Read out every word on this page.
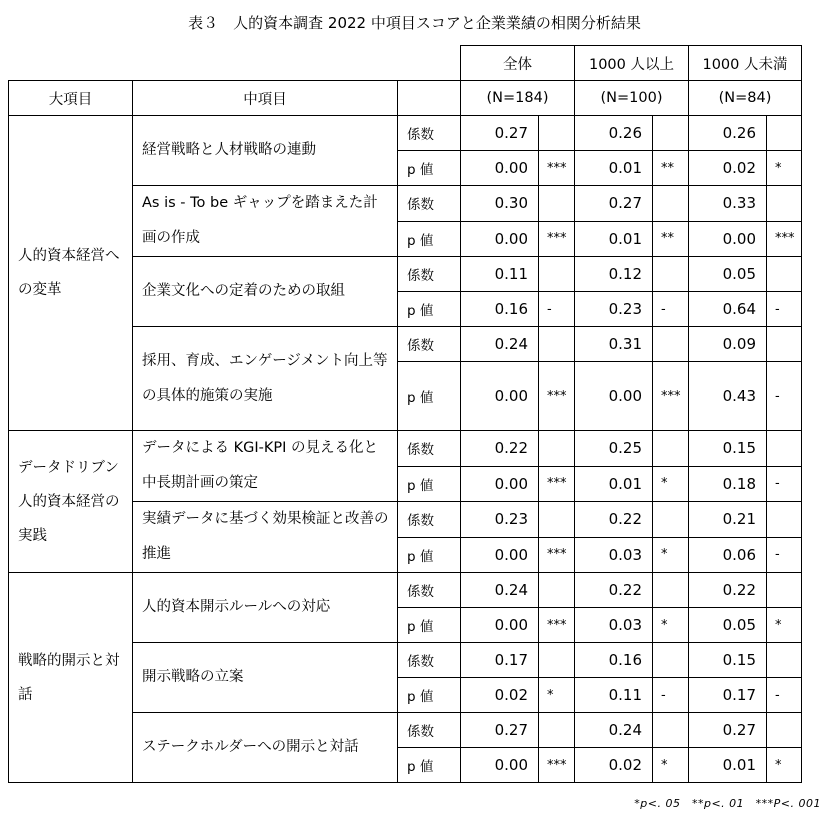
表３　人的資本調査 2022 中項目スコアと企業業績の相関分析結果
			全体		1000 人以上		1000 人未満	
大項目	中項目		(N=184)		(N=100)		(N=84)	
人的資本経営への変革	経営戦略と人材戦略の連動	係数	0.27		0.26		0.26	
		p 値	0.00	***	0.01	**	0.02	*
	As is - To be ギャップを踏まえた計画の作成	係数	0.30		0.27		0.33	
		p 値	0.00	***	0.01	**	0.00	***
	企業文化への定着のための取組	係数	0.11		0.12		0.05	
		p 値	0.16	-	0.23	-	0.64	-
	採用、育成、エンゲージメント向上等の具体的施策の実施	係数	0.24		0.31		0.09	
		p 値	0.00	***	0.00	***	0.43	-
データドリブン人的資本経営の実践	データによる KGI-KPI の見える化と中長期計画の策定	係数	0.22		0.25		0.15	
		p 値	0.00	***	0.01	*	0.18	-
	実績データに基づく効果検証と改善の推進	係数	0.23		0.22		0.21	
		p 値	0.00	***	0.03	*	0.06	-
戦略的開示と対話	人的資本開示ルールへの対応	係数	0.24		0.22		0.22	
		p 値	0.00	***	0.03	*	0.05	*
	開示戦略の立案	係数	0.17		0.16		0.15	
		p 値	0.02	*	0.11	-	0.17	-
	ステークホルダーへの開示と対話	係数	0.27		0.24		0.27	
		p 値	0.00	***	0.02	*	0.01	*
*p<. 05　**p<. 01　***P<. 001
